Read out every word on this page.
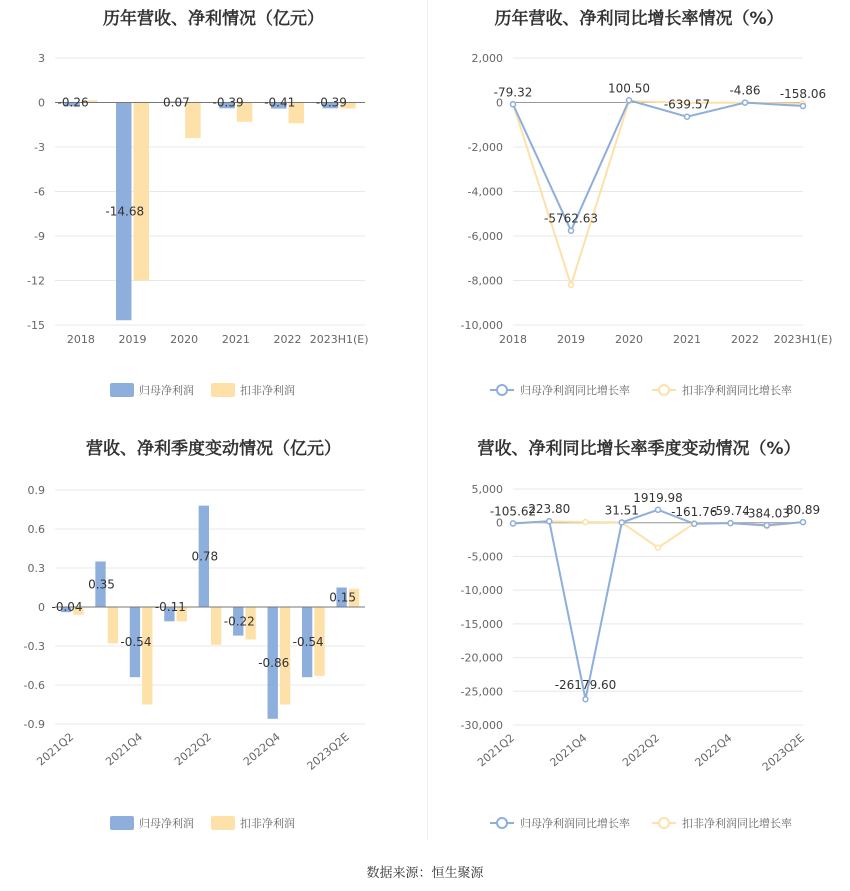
历年营收、净利情况（亿元）
3
0
-3
-6
-9
-12
-15
-0.26
-14.68
0.07 -0.39 -0.41 -0.39
2018 2019 2020 2021 2022 2023H1(E)
归母净利润	扣非净利润
历年营收、净利同比增长率情况（%）
2,000
0
-2,000
-4,000
-6,000
-8,000
-10,000
-79.32
-5762.63
100.50
-639.57
-4.86 -158.06
2018	2019	2020	2021	2022 2023H1(E)
归母净利润同比增长率	扣非净利润同比增长率
营收、净利季度变动情况（亿元）
0.9
0.6
0.3
0
-0.3
-0.6
-0.9
-0.04
0.35
-0.54
-0.11
0.78
-0.22
-0.86
-0.54
0.15
2021Q2 2021Q4 2022Q2 2022Q4 2023Q2E
归母净利润	扣非净利润
营收、净利同比增长率季度变动情况（%）
5,000
0
-5,000
-10,000
-15,000
-20,000
-25,000
-30,000
-105.62
223.80
-26179.60
31.51
1919.98
-161.76
-59.74
-384.03
80.89
2021Q2	2021Q4	2022Q2	2022Q4 2023Q2E
归母净利润同比增长率	扣非净利润同比增长率
数据来源：恒生聚源
